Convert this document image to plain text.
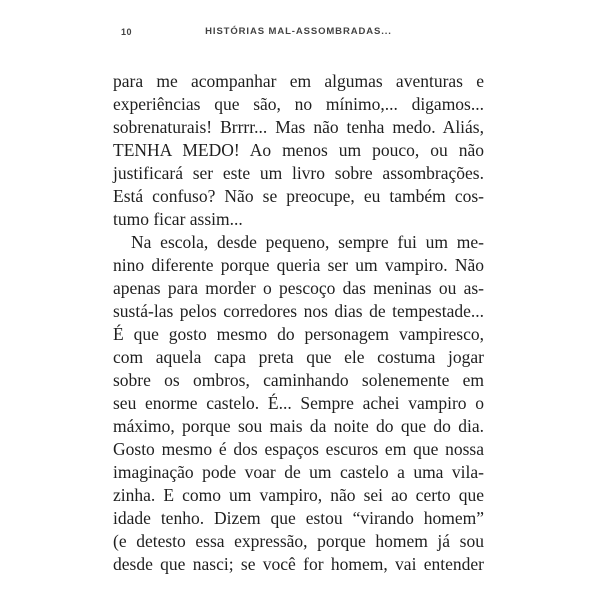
10	HISTÓRIAS MAL-ASSOMBRADAS...
para me acompanhar em algumas aventuras e
experiências que são, no mínimo,... digamos...
sobrenaturais! Brrrr... Mas não tenha medo. Aliás,
TENHA MEDO! Ao menos um pouco, ou não
justificará ser este um livro sobre assombrações.
Está confuso? Não se preocupe, eu também cos-
tumo ficar assim...
Na escola, desde pequeno, sempre fui um me-
nino diferente porque queria ser um vampiro. Não
apenas para morder o pescoço das meninas ou as-
sustá-las pelos corredores nos dias de tempestade...
É que gosto mesmo do personagem vampiresco,
com aquela capa preta que ele costuma jogar
sobre os ombros, caminhando solenemente em
seu enorme castelo. É... Sempre achei vampiro o
máximo, porque sou mais da noite do que do dia.
Gosto mesmo é dos espaços escuros em que nossa
imaginação pode voar de um castelo a uma vila-
zinha. E como um vampiro, não sei ao certo que
idade tenho. Dizem que estou “virando homem”
(e detesto essa expressão, porque homem já sou
desde que nasci; se você for homem, vai entender
